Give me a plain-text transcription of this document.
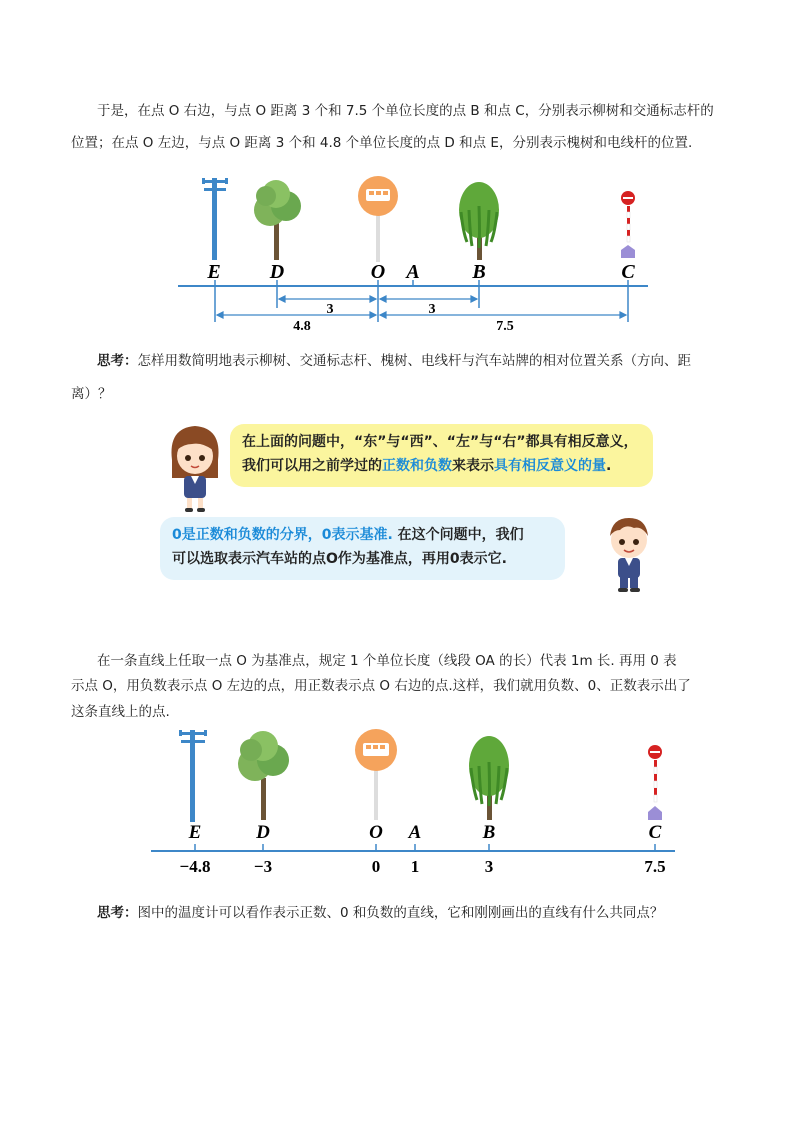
于是，在点 O 右边，与点 O 距离 3 个和 7.5 个单位长度的点 B 和点 C，分别表示柳树和交通标志杆的
位置；在点 O 左边，与点 O 距离 3 个和 4.8 个单位长度的点 D 和点 E，分别表示槐树和电线杆的位置.
E D	O A	B	C
3	3
4.8	7.5
思考：怎样用数简明地表示柳树、交通标志杆、槐树、电线杆与汽车站牌的相对位置关系（方向、距
离）？
在上面的问题中，“东”与“西”、“左”与“右”都具有相反意义，
我们可以用之前学过的正数和负数来表示具有相反意义的量.
0是正数和负数的分界，0表示基准. 在这个问题中，我们
可以选取表示汽车站的点O作为基准点，再用0表示它.
在一条直线上任取一点 O 为基准点，规定 1 个单位长度（线段 OA 的长）代表 1m 长. 再用 0 表
示点 O，用负数表示点 O 左边的点，用正数表示点 O 右边的点.这样，我们就用负数、0、正数表示出了
这条直线上的点.
E	D	O A	B	C
−4.8	−3	0 1	3	7.5
思考：图中的温度计可以看作表示正数、0 和负数的直线，它和刚刚画出的直线有什么共同点？
